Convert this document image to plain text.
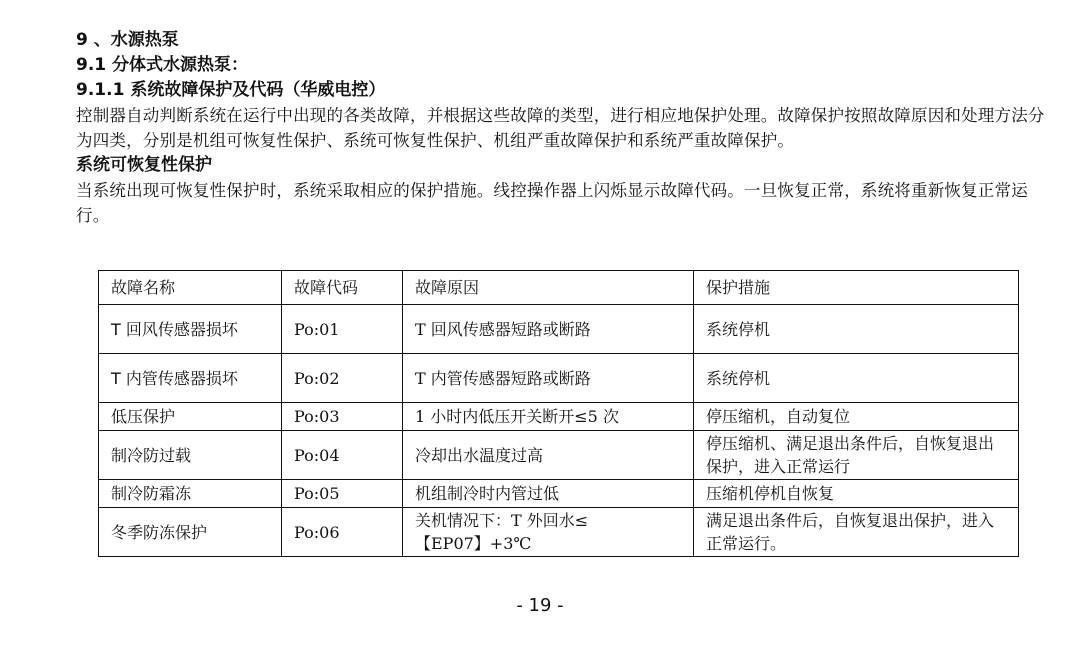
9 、水源热泵

9.1 分体式水源热泵：

9.1.1 系统故障保护及代码（华威电控）

控制器自动判断系统在运行中出现的各类故障，并根据这些故障的类型，进行相应地保护处理。故障保护按照故障原因和处理方法分为四类，分别是机组可恢复性保护、系统可恢复性保护、机组严重故障保护和系统严重故障保护。

系统可恢复性保护

当系统出现可恢复性保护时，系统采取相应的保护措施。线控操作器上闪烁显示故障代码。一旦恢复正常，系统将重新恢复正常运行。

故障名称	故障代码	故障原因	保护措施
T 回风传感器损坏	Po:01	T 回风传感器短路或断路	系统停机
T 内管传感器损坏	Po:02	T 内管传感器短路或断路	系统停机
低压保护	Po:03	1 小时内低压开关断开≤5 次	停压缩机，自动复位
制冷防过载	Po:04	冷却出水温度过高	停压缩机、满足退出条件后，自恢复退出保护，进入正常运行
制冷防霜冻	Po:05	机组制冷时内管过低	压缩机停机自恢复
冬季防冻保护	Po:06	关机情况下：T 外回水≤【EP07】+3℃	满足退出条件后，自恢复退出保护，进入正常运行。
- 19 -
